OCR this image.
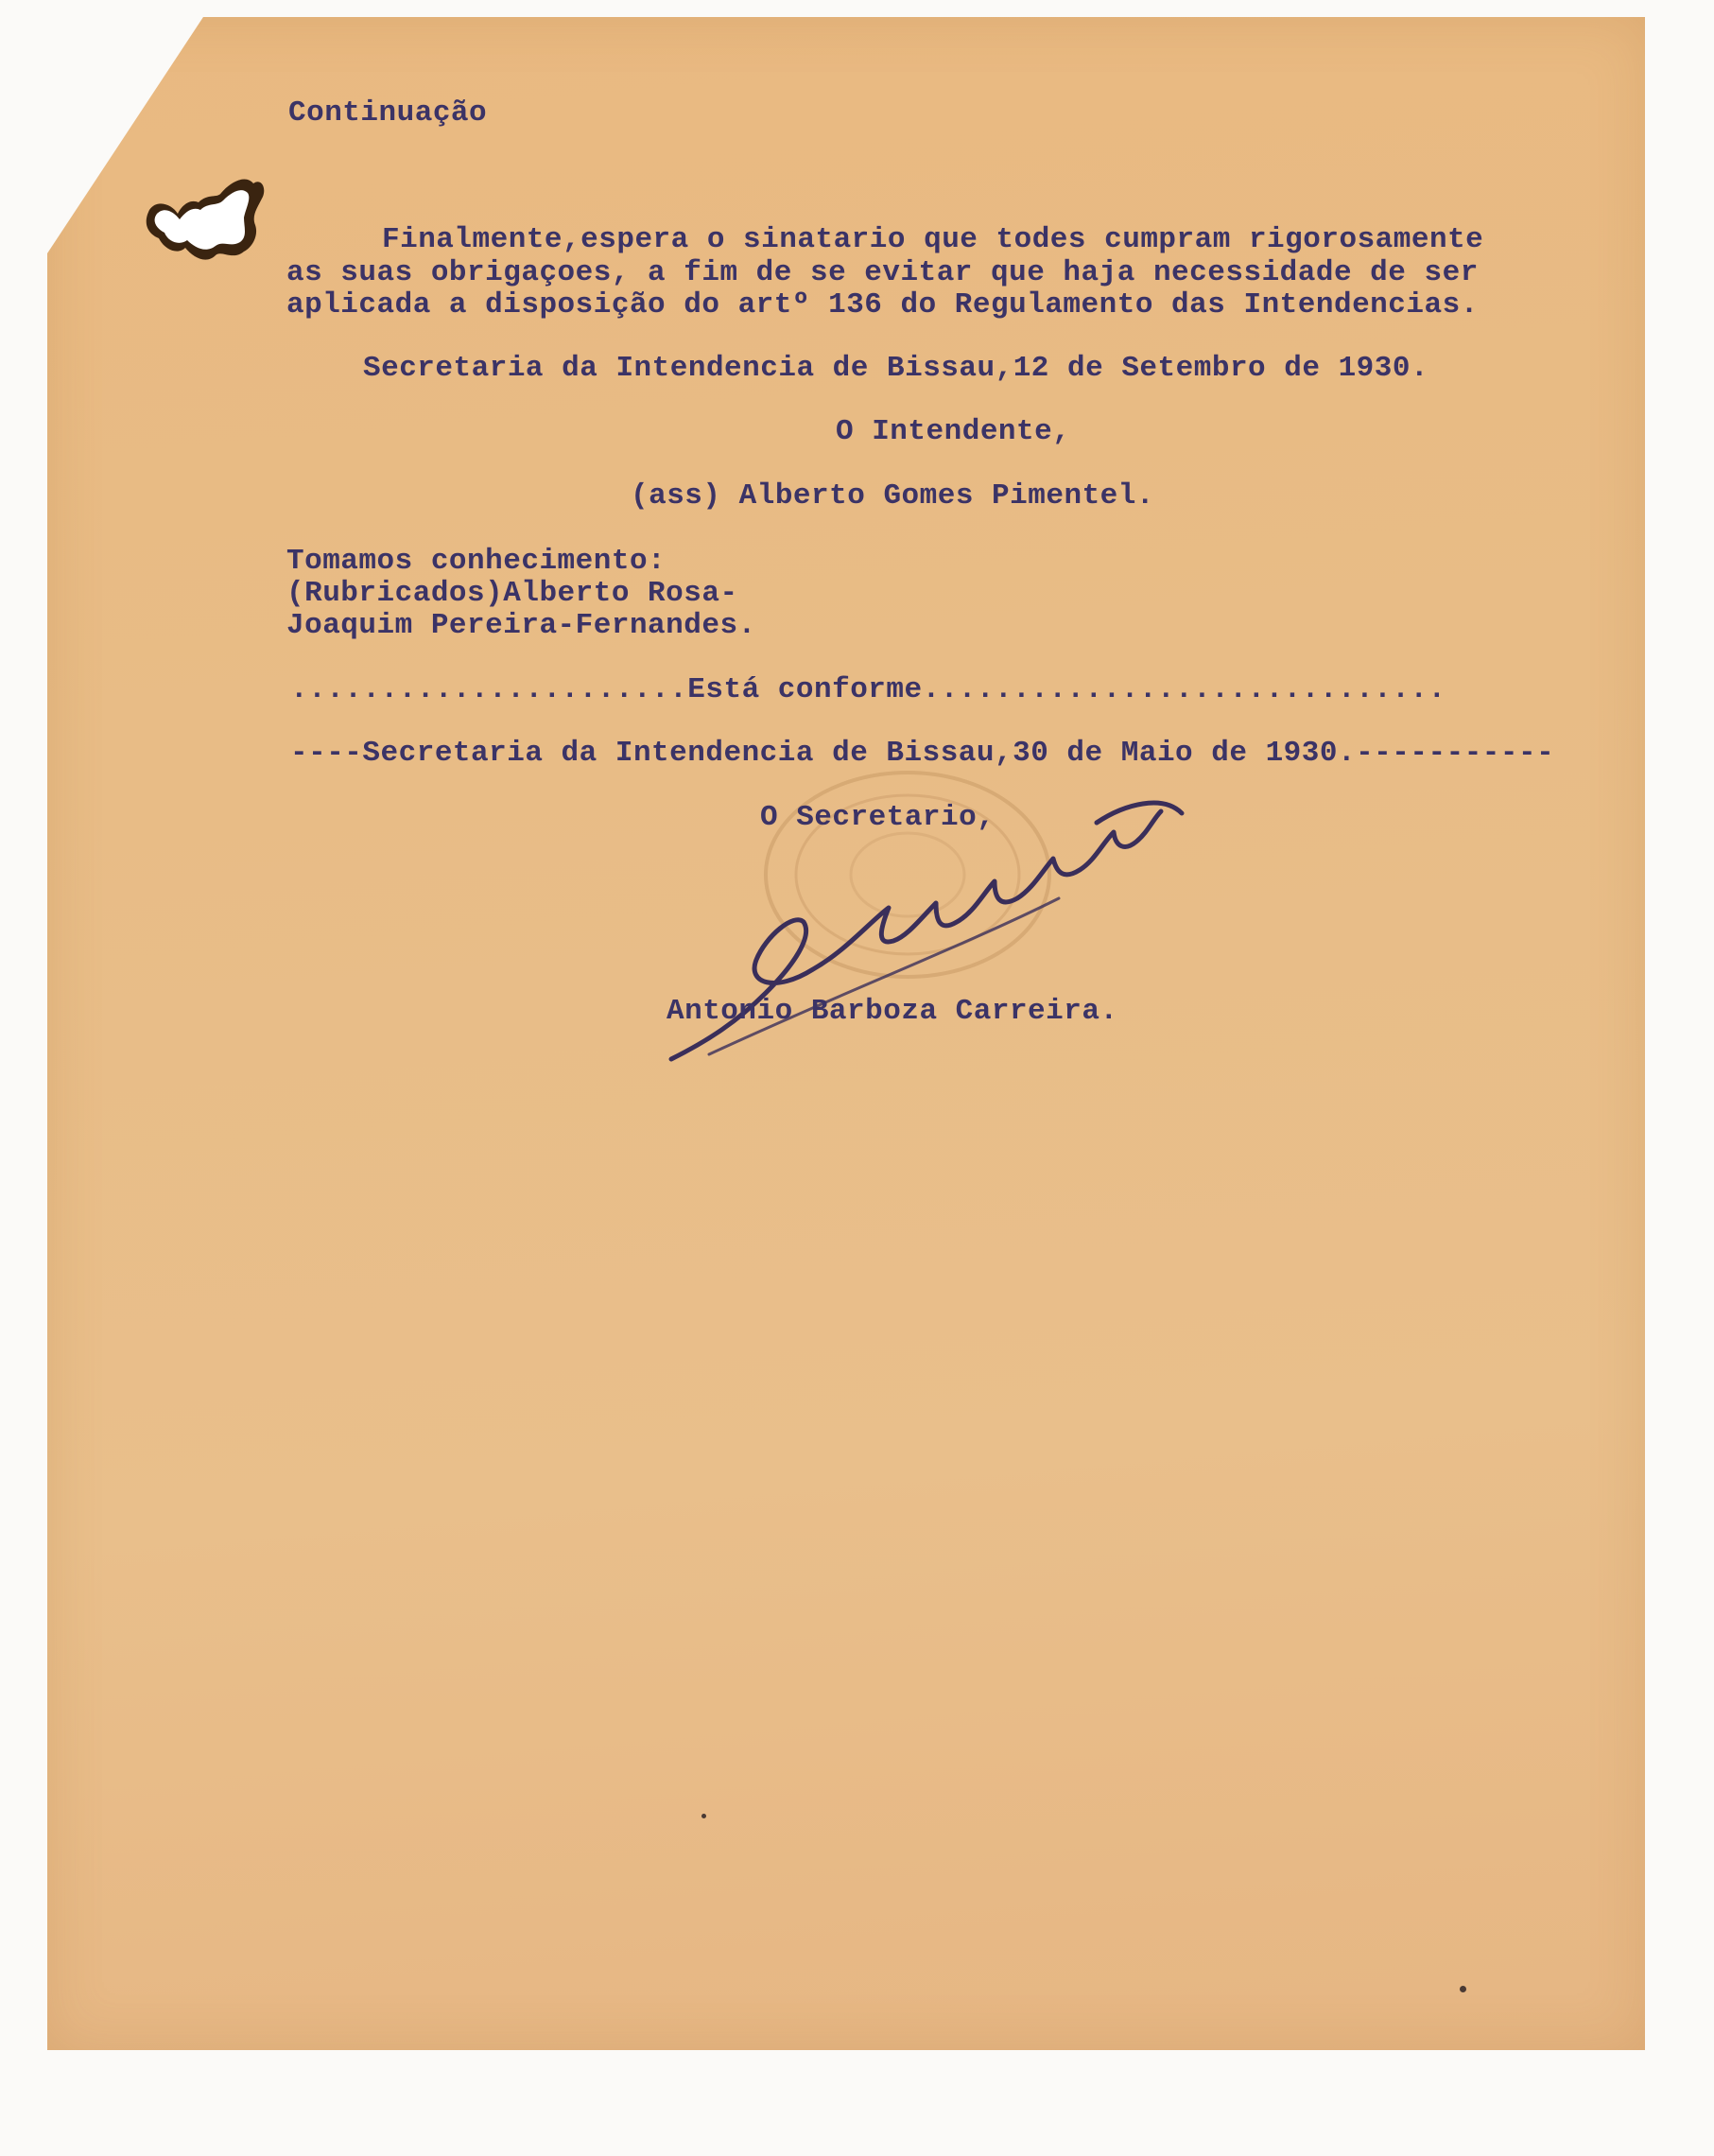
Continuação
Finalmente,espera o sinatario que todes cumpram rigorosamente
as suas obrigaçoes, a fim de se evitar que haja necessidade de ser
aplicada a disposição do artº 136 do Regulamento das Intendencias.
Secretaria da Intendencia de Bissau,12 de Setembro de 1930.
O Intendente,
(ass) Alberto Gomes Pimentel.
Tomamos conhecimento:
(Rubricados)Alberto Rosa-
Joaquim Pereira-Fernandes.
......................Está conforme.............................
----Secretaria da Intendencia de Bissau,30 de Maio de 1930.-----------
O Secretario,
Antonio Barboza Carreira.
